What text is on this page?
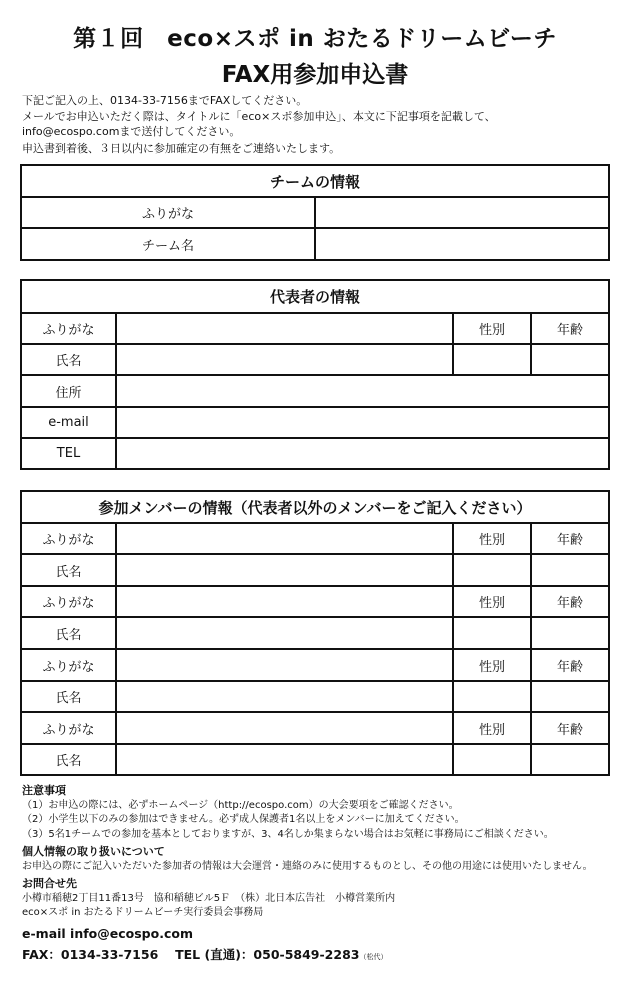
第１回　eco×スポ in おたるドリームビーチ
FAX用参加申込書
下記ご記入の上、0134-33-7156までFAXしてください。
メールでお申込いただく際は、タイトルに「eco×スポ参加申込」、本文に下記事項を記載して、
info@ecospo.comまで送付してください。
申込書到着後、３日以内に参加確定の有無をご連絡いたします。
チームの情報	
ふりがな	
チーム名	
代表者の情報			
ふりがな		性別	年齢
氏名			
住所			
e-mail			
TEL			
参加メンバーの情報（代表者以外のメンバーをご記入ください）			
ふりがな		性別	年齢
氏名			
ふりがな		性別	年齢
氏名			
ふりがな		性別	年齢
氏名			
ふりがな		性別	年齢
氏名			
注意事項
（1）お申込の際には、必ずホームページ（http://ecospo.com）の大会要項をご確認ください。
（2）小学生以下のみの参加はできません。必ず成人保護者1名以上をメンバーに加えてください。
（3）5名1チームでの参加を基本としておりますが、3、4名しか集まらない場合はお気軽に事務局にご相談ください。
個人情報の取り扱いについて
お申込の際にご記入いただいた参加者の情報は大会運営・連絡のみに使用するものとし、その他の用途には使用いたしません。
お問合せ先
小樽市稲穂2丁目11番13号　協和稲穂ビル5Ｆ　（株）北日本広告社　小樽営業所内
eco×スポ in おたるドリームビーチ実行委員会事務局
e-mail info@ecospo.com
FAX：0134-33-7156　 TEL (直通)：050-5849-2283（松代）
